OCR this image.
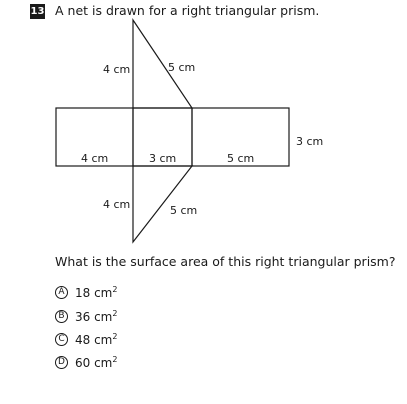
13 A net is drawn for a right triangular prism.
4 cm	5 cm
3 cm
4 cm	3 cm	5 cm
4 cm	5 cm
What is the surface area of this right triangular prism?
A 18 $cm^2$
B 36 $cm^2$
C 48 $cm^2$
D 60 $cm^2$
